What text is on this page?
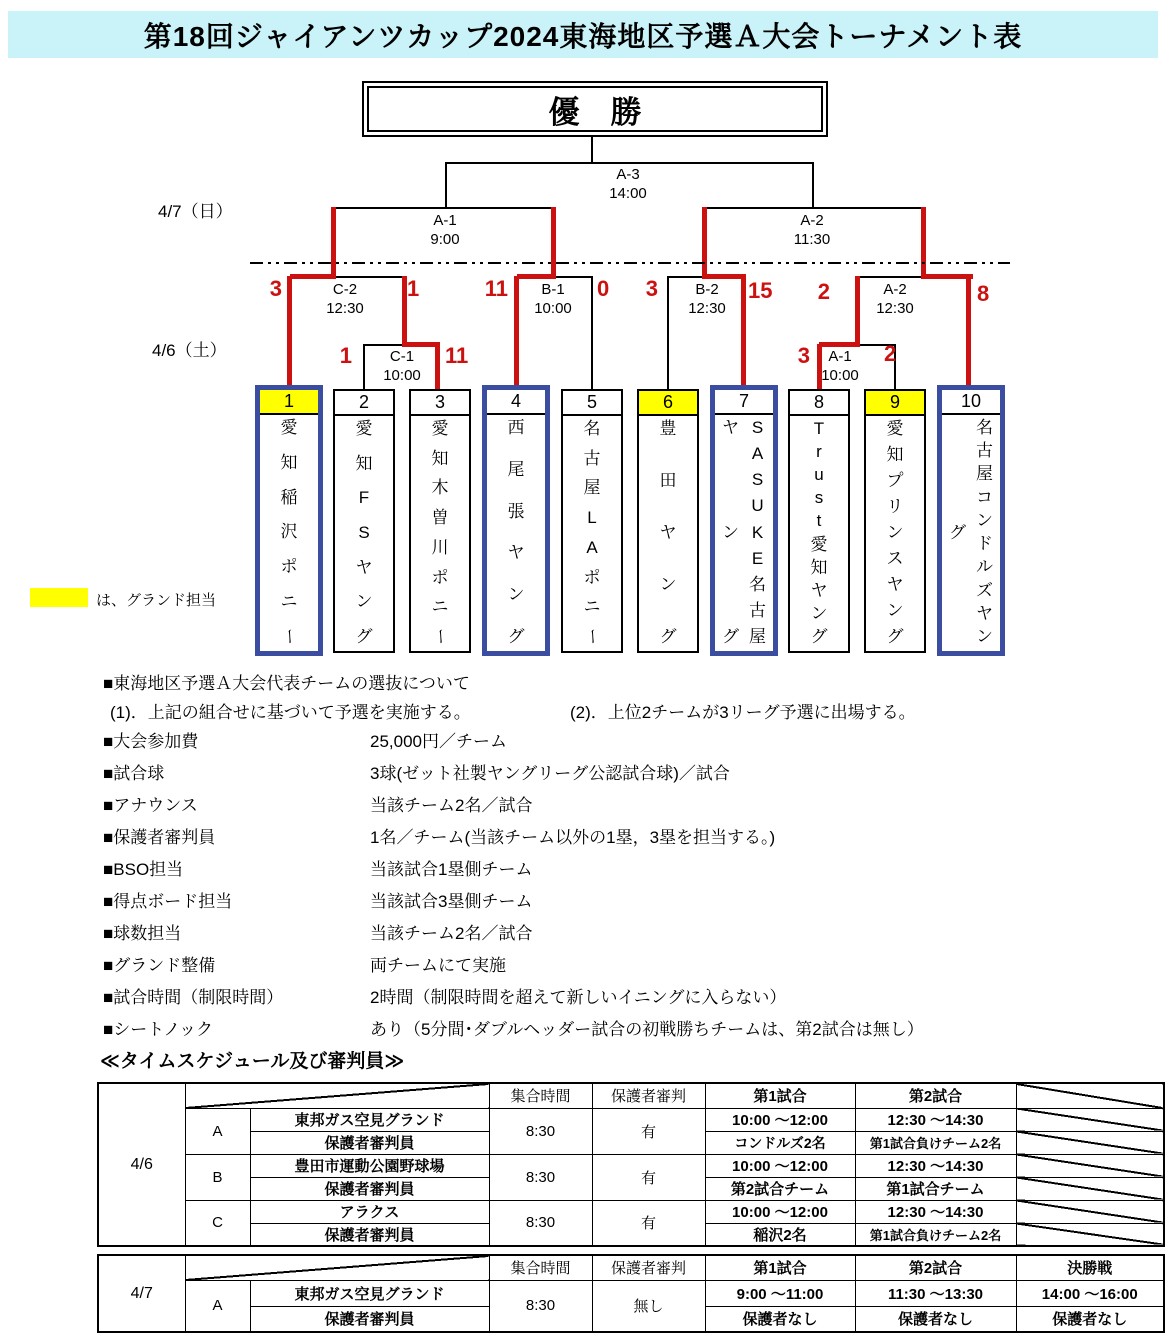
第18回ジャイアンツカップ2024東海地区予選Ａ大会トーナメント表
優　勝
4/7（日）
4/6（土）
A-3
14:00
A-1
9:00
A-2
11:30
C-2
12:30
C-1
10:00
B-1
10:00
B-2
12:30
A-1
10:00
A-2
12:30
3	1
1	11
11	0	3	15
3	2
2	8
1
愛
知
稲
沢
ポ
ニ
ー
2
愛
知
F
S
ヤ
ン
グ
3
愛
知
木
曽
川
ポ
ニ
ー
4
西
尾
張
ヤ
ン
グ
5
名
古
屋
L
A
ポ
ニ
ー
6
豊
田
ヤ
ン
グ
7
S
A
S
U
K
E
名
古
屋
ヤ
ン
グ
8
T
r
u
s
t
愛
知
ヤ
ン
グ
9
愛
知
プ
リ
ン
ス
ヤ
ン
グ
10
名
古
屋
コ
ン
ド
ル
ズ
ヤ
ン
グ
は、グランド担当
■東海地区予選Ａ大会代表チームの選抜について
(1)．上記の組合せに基づいて予選を実施する。	(2)．上位2チームが3リーグ予選に出場する。
■大会参加費	25,000円／チーム
■試合球	3球(ゼット社製ヤングリーグ公認試合球)／試合
■アナウンス	当該チーム2名／試合
■保護者審判員	1名／チーム(当該チーム以外の1塁，3塁を担当する。)
■BSO担当	当該試合1塁側チーム
■得点ボード担当	当該試合3塁側チーム
■球数担当	当該チーム2名／試合
■グランド整備	両チームにて実施
■試合時間（制限時間）	2時間（制限時間を超えて新しいイニングに入らない）
■シートノック	あり（5分間･ダブルヘッダー試合の初戦勝ちチームは、第2試合は無し）
≪タイムスケジュール及び審判員≫
4/6			集合時間	保護者審判	第1試合	第2試合	
	A	東邦ガス空見グランド	8:30	有	10:00 ～12:00	12:30 ～14:30	
		保護者審判員			コンドルズ2名	第1試合負けチーム2名	
	B	豊田市運動公園野球場	8:30	有	10:00 ～12:00	12:30 ～14:30	
		保護者審判員			第2試合チーム	第1試合チーム	
	C	アラクス	8:30	有	10:00 ～12:00	12:30 ～14:30	
		保護者審判員			稲沢2名	第1試合負けチーム2名	
4/7			集合時間	保護者審判	第1試合	第2試合	決勝戦
	A	東邦ガス空見グランド	8:30	無し	9:00 ～11:00	11:30 ～13:30	14:00 ～16:00
		保護者審判員			保護者なし	保護者なし	保護者なし
